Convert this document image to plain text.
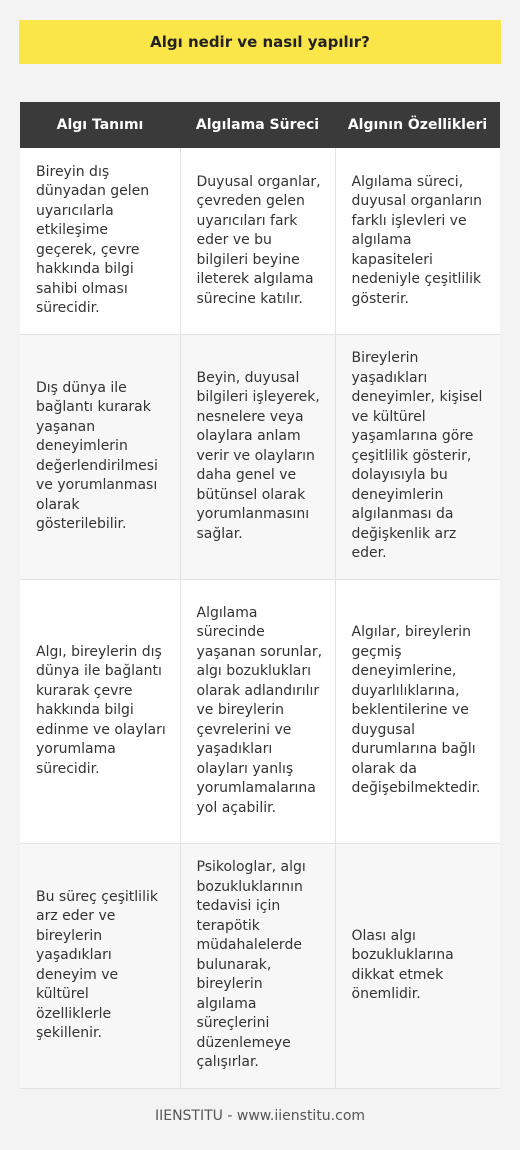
Algı nedir ve nasıl yapılır?
Algı Tanımı	Algılama Süreci	Algının Özellikleri
Bireyin dış dünyadan gelen uyarıcılarla etkileşime geçerek, çevre hakkında bilgi sahibi olması sürecidir.	Duyusal organlar, çevreden gelen uyarıcıları fark eder ve bu bilgileri beyine ileterek algılama sürecine katılır.	Algılama süreci, duyusal organların farklı işlevleri ve algılama kapasiteleri nedeniyle çeşitlilik gösterir.
Dış dünya ile bağlantı kurarak yaşanan deneyimlerin değerlendirilmesi ve yorumlanması olarak gösterilebilir.	Beyin, duyusal bilgileri işleyerek, nesnelere veya olaylara anlam verir ve olayların daha genel ve bütünsel olarak yorumlanmasını sağlar.	Bireylerin yaşadıkları deneyimler, kişisel ve kültürel yaşamlarına göre çeşitlilik gösterir, dolayısıyla bu deneyimlerin algılanması da değişkenlik arz eder.
Algı, bireylerin dış dünya ile bağlantı kurarak çevre hakkında bilgi edinme ve olayları yorumlama sürecidir.	Algılama sürecinde yaşanan sorunlar, algı bozuklukları olarak adlandırılır ve bireylerin çevrelerini ve yaşadıkları olayları yanlış yorumlamalarına yol açabilir.	Algılar, bireylerin geçmiş deneyimlerine, duyarlılıklarına, beklentilerine ve duygusal durumlarına bağlı olarak da değişebilmektedir.
Bu süreç çeşitlilik arz eder ve bireylerin yaşadıkları deneyim ve kültürel özelliklerle şekillenir.	Psikologlar, algı bozukluklarının tedavisi için terapötik müdahalelerde bulunarak, bireylerin algılama süreçlerini düzenlemeye çalışırlar.	Olası algı bozukluklarına dikkat etmek önemlidir.
IIENSTITU - www.iienstitu.com
